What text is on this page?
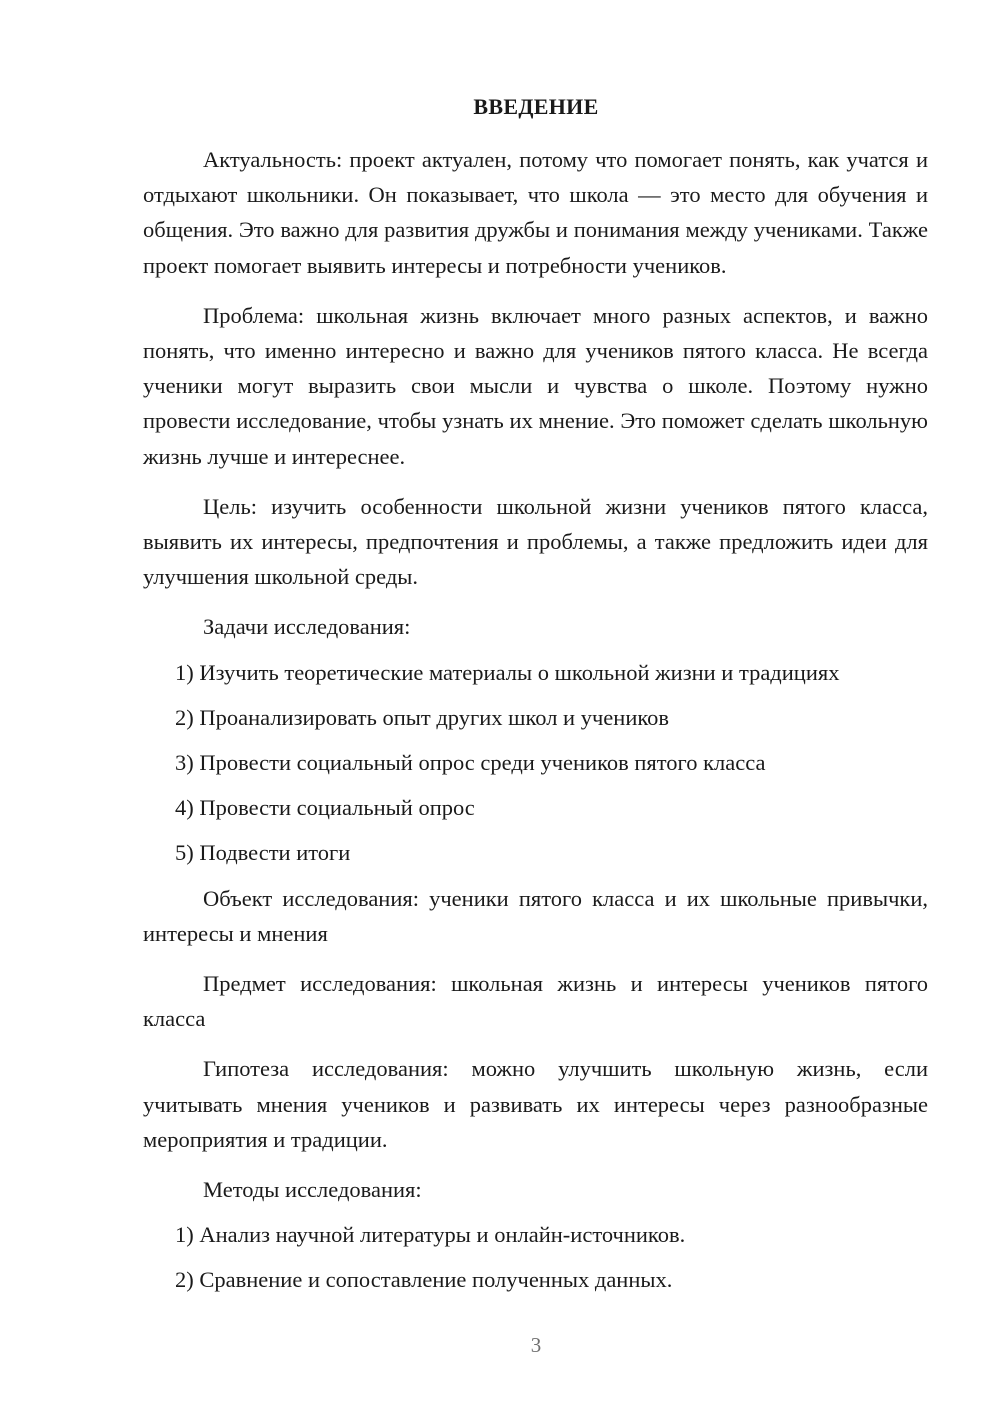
ВВЕДЕНИЕ

Актуальность: проект актуален, потому что помогает понять, как учатся и отдыхают школьники. Он показывает, что школа — это место для обучения и общения. Это важно для развития дружбы и понимания между учениками. Также проект помогает выявить интересы и потребности учеников.

Проблема: школьная жизнь включает много разных аспектов, и важно понять, что именно интересно и важно для учеников пятого класса. Не всегда ученики могут выразить свои мысли и чувства о школе. Поэтому нужно провести исследование, чтобы узнать их мнение. Это поможет сделать школьную жизнь лучше и интереснее.

Цель: изучить особенности школьной жизни учеников пятого класса, выявить их интересы, предпочтения и проблемы, а также предложить идеи для улучшения школьной среды.

Задачи исследования:

1) Изучить теоретические материалы о школьной жизни и традициях

2) Проанализировать опыт других школ и учеников

3) Провести социальный опрос среди учеников пятого класса

4) Провести социальный опрос

5) Подвести итоги

Объект исследования: ученики пятого класса и их школьные привычки, интересы и мнения

Предмет исследования: школьная жизнь и интересы учеников пятого класса

Гипотеза исследования: можно улучшить школьную жизнь, если учитывать мнения учеников и развивать их интересы через разнообразные мероприятия и традиции.

Методы исследования:

1) Анализ научной литературы и онлайн-источников.

2) Сравнение и сопоставление полученных данных.

3
